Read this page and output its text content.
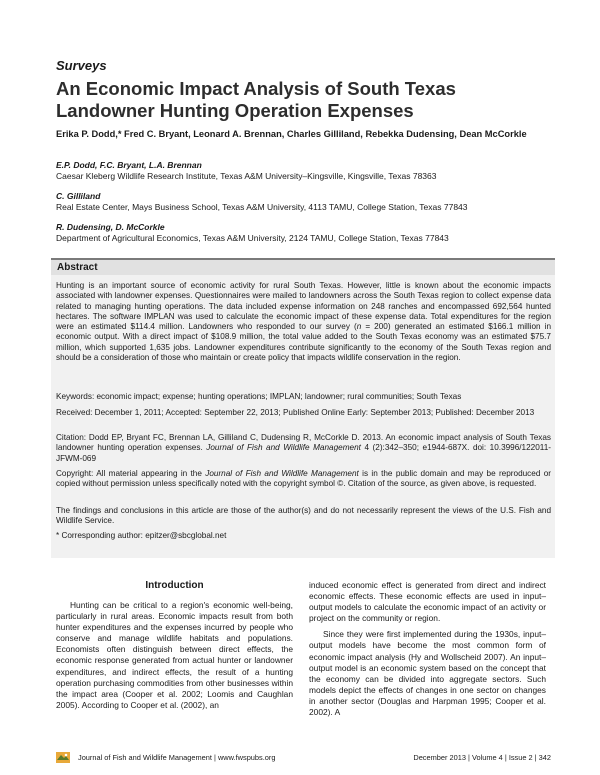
Surveys
An Economic Impact Analysis of South Texas Landowner Hunting Operation Expenses
Erika P. Dodd,* Fred C. Bryant, Leonard A. Brennan, Charles Gilliland, Rebekka Dudensing, Dean McCorkle
E.P. Dodd, F.C. Bryant, L.A. Brennan
Caesar Kleberg Wildlife Research Institute, Texas A&M University–Kingsville, Kingsville, Texas 78363
C. Gilliland
Real Estate Center, Mays Business School, Texas A&M University, 4113 TAMU, College Station, Texas 77843
R. Dudensing, D. McCorkle
Department of Agricultural Economics, Texas A&M University, 2124 TAMU, College Station, Texas 77843
Abstract
Hunting is an important source of economic activity for rural South Texas. However, little is known about the economic impacts associated with landowner expenses. Questionnaires were mailed to landowners across the South Texas region to collect expense data related to managing hunting operations. The data included expense information on 248 ranches and encompassed 692,564 hunted hectares. The software IMPLAN was used to calculate the economic impact of these expense data. Total expenditures for the region were an estimated $114.4 million. Landowners who responded to our survey (n = 200) generated an estimated $166.1 million in economic output. With a direct impact of $108.9 million, the total value added to the South Texas economy was an estimated $75.7 million, which supported 1,635 jobs. Landowner expenditures contribute significantly to the economy of the South Texas region and should be a consideration of those who maintain or create policy that impacts wildlife conservation in the region.
Keywords: economic impact; expense; hunting operations; IMPLAN; landowner; rural communities; South Texas
Received: December 1, 2011; Accepted: September 22, 2013; Published Online Early: September 2013; Published: December 2013
Citation: Dodd EP, Bryant FC, Brennan LA, Gilliland C, Dudensing R, McCorkle D. 2013. An economic impact analysis of South Texas landowner hunting operation expenses. Journal of Fish and Wildlife Management 4 (2):342–350; e1944-687X. doi: 10.3996/122011-JFWM-069
Copyright: All material appearing in the Journal of Fish and Wildlife Management is in the public domain and may be reproduced or copied without permission unless specifically noted with the copyright symbol ©. Citation of the source, as given above, is requested.
The findings and conclusions in this article are those of the author(s) and do not necessarily represent the views of the U.S. Fish and Wildlife Service.
* Corresponding author: epitzer@sbcglobal.net
Introduction

Hunting can be critical to a region's economic well-being, particularly in rural areas. Economic impacts result from both hunter expenditures and the expenses incurred by people who conserve and manage wildlife habitats and populations. Economists often distinguish between direct effects, the economic response generated from actual hunter or landowner expenditures, and indirect effects, the result of a hunting operation purchasing commodities from other businesses within the impact area (Cooper et al. 2002; Loomis and Caughlan 2005). According to Cooper et al. (2002), an

induced economic effect is generated from direct and indirect economic effects. These economic effects are used in input–output models to calculate the economic impact of an activity or project on the community or region.

Since they were first implemented during the 1930s, input–output models have become the most common form of economic impact analysis (Hy and Wollscheid 2007). An input–output model is an economic system based on the concept that the economy can be divided into aggregate sectors. Such models depict the effects of changes in one sector on changes in another sector (Douglas and Harpman 1995; Cooper et al. 2002). A

Journal of Fish and Wildlife Management | www.fwspubs.org	December 2013 | Volume 4 | Issue 2 | 342
